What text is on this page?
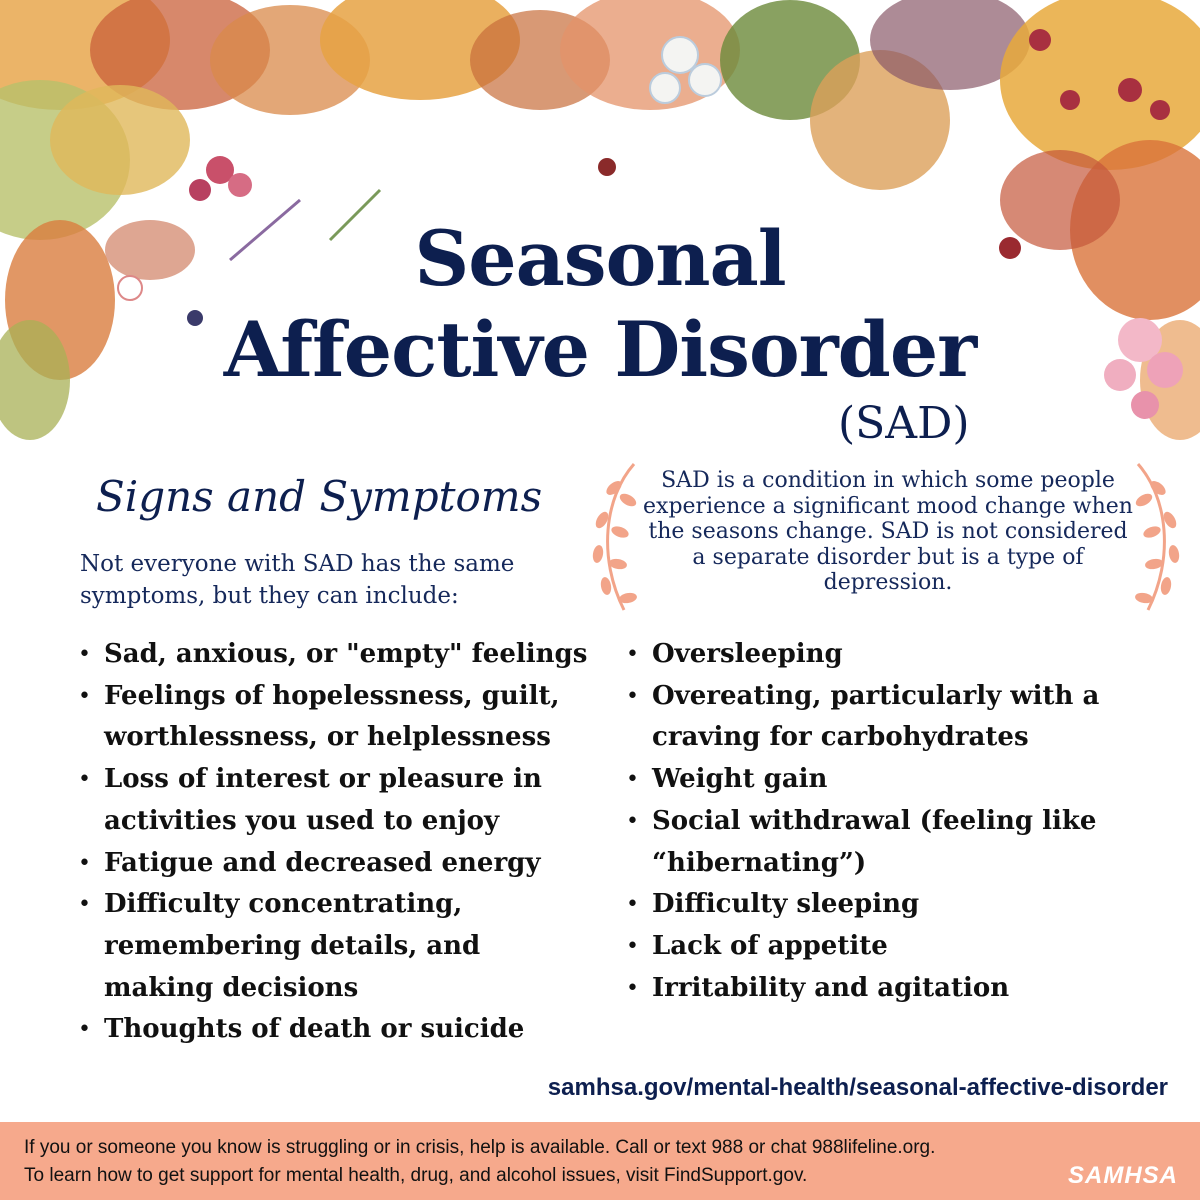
Seasonal
Affective Disorder
(SAD)
Signs and Symptoms
Not everyone with SAD has the same symptoms, but they can include:
SAD is a condition in which some people experience a significant mood change when the seasons change. SAD is not considered a separate disorder but is a type of depression.
• Sad, anxious, or "empty" feelings
• Feelings of hopelessness, guilt, worthlessness, or helplessness
• Loss of interest or pleasure in activities you used to enjoy
• Fatigue and decreased energy
• Difficulty concentrating, remembering details, and making decisions
• Thoughts of death or suicide
• Oversleeping
• Overeating, particularly with a craving for carbohydrates
• Weight gain
• Social withdrawal (feeling like “hibernating”)
• Difficulty sleeping
• Lack of appetite
• Irritability and agitation
samhsa.gov/mental-health/seasonal-affective-disorder
If you or someone you know is struggling or in crisis, help is available. Call or text 988 or chat 988lifeline.org.
To learn how to get support for mental health, drug, and alcohol issues, visit FindSupport.gov.	SAMHSA
